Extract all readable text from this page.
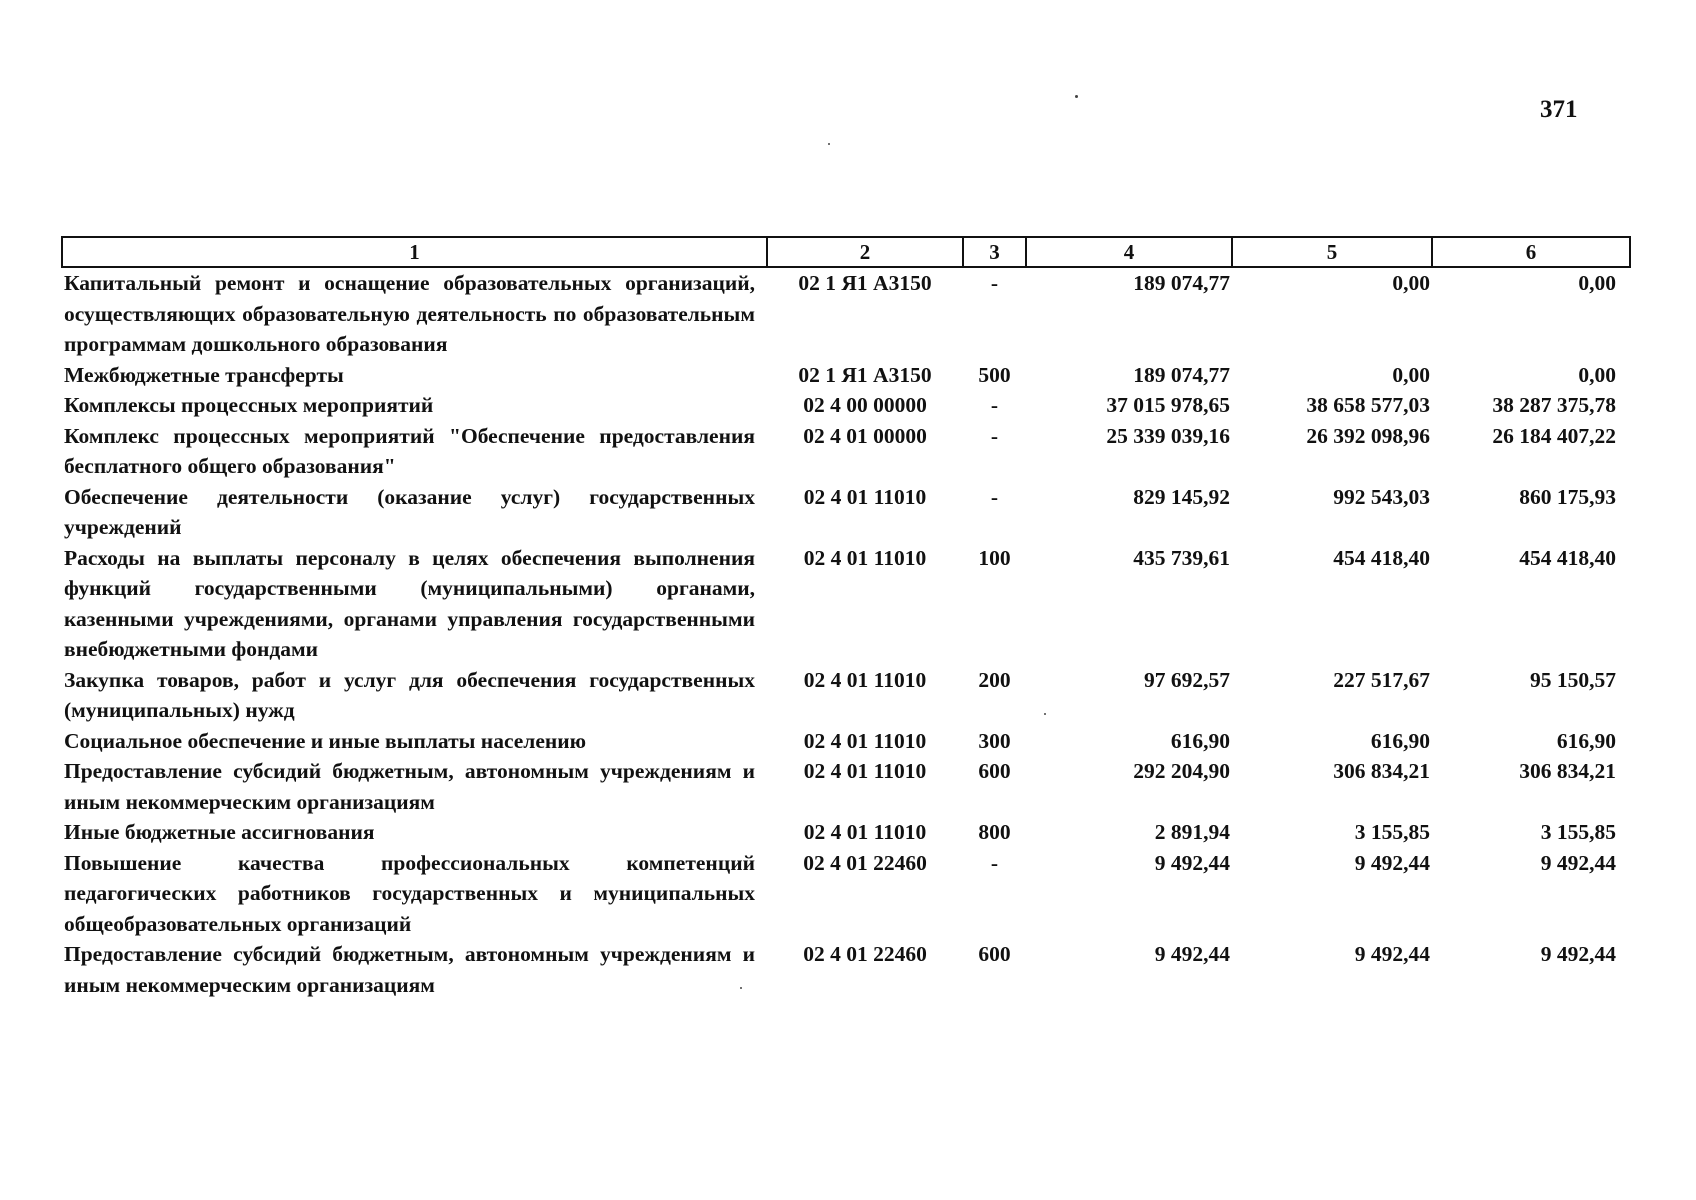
371
1	2	3	4	5	6
Капитальный ремонт и оснащение образовательных организаций, осуществляющих образовательную деятельность по образовательным программам дошкольного образования	02 1 Я1 А3150	-	189 074,77	0,00	0,00
Межбюджетные трансферты	02 1 Я1 А3150	500	189 074,77	0,00	0,00
Комплексы процессных мероприятий	02 4 00 00000	-	37 015 978,65	38 658 577,03	38 287 375,78
Комплекс процессных мероприятий "Обеспечение предоставления бесплатного общего образования"	02 4 01 00000	-	25 339 039,16	26 392 098,96	26 184 407,22
Обеспечение деятельности (оказание услуг) государственных учреждений	02 4 01 11010	-	829 145,92	992 543,03	860 175,93
Расходы на выплаты персоналу в целях обеспечения выполнения функций государственными (муниципальными) органами, казенными учреждениями, органами управления государственными внебюджетными фондами	02 4 01 11010	100	435 739,61	454 418,40	454 418,40
Закупка товаров, работ и услуг для обеспечения государственных (муниципальных) нужд	02 4 01 11010	200	97 692,57	227 517,67	95 150,57
Социальное обеспечение и иные выплаты населению	02 4 01 11010	300	616,90	616,90	616,90
Предоставление субсидий бюджетным, автономным учреждениям и иным некоммерческим организациям	02 4 01 11010	600	292 204,90	306 834,21	306 834,21
Иные бюджетные ассигнования	02 4 01 11010	800	2 891,94	3 155,85	3 155,85
Повышение качества профессиональных компетенций педагогических работников государственных и муниципальных общеобразовательных организаций	02 4 01 22460	-	9 492,44	9 492,44	9 492,44
Предоставление субсидий бюджетным, автономным учреждениям и иным некоммерческим организациям	02 4 01 22460	600	9 492,44	9 492,44	9 492,44
